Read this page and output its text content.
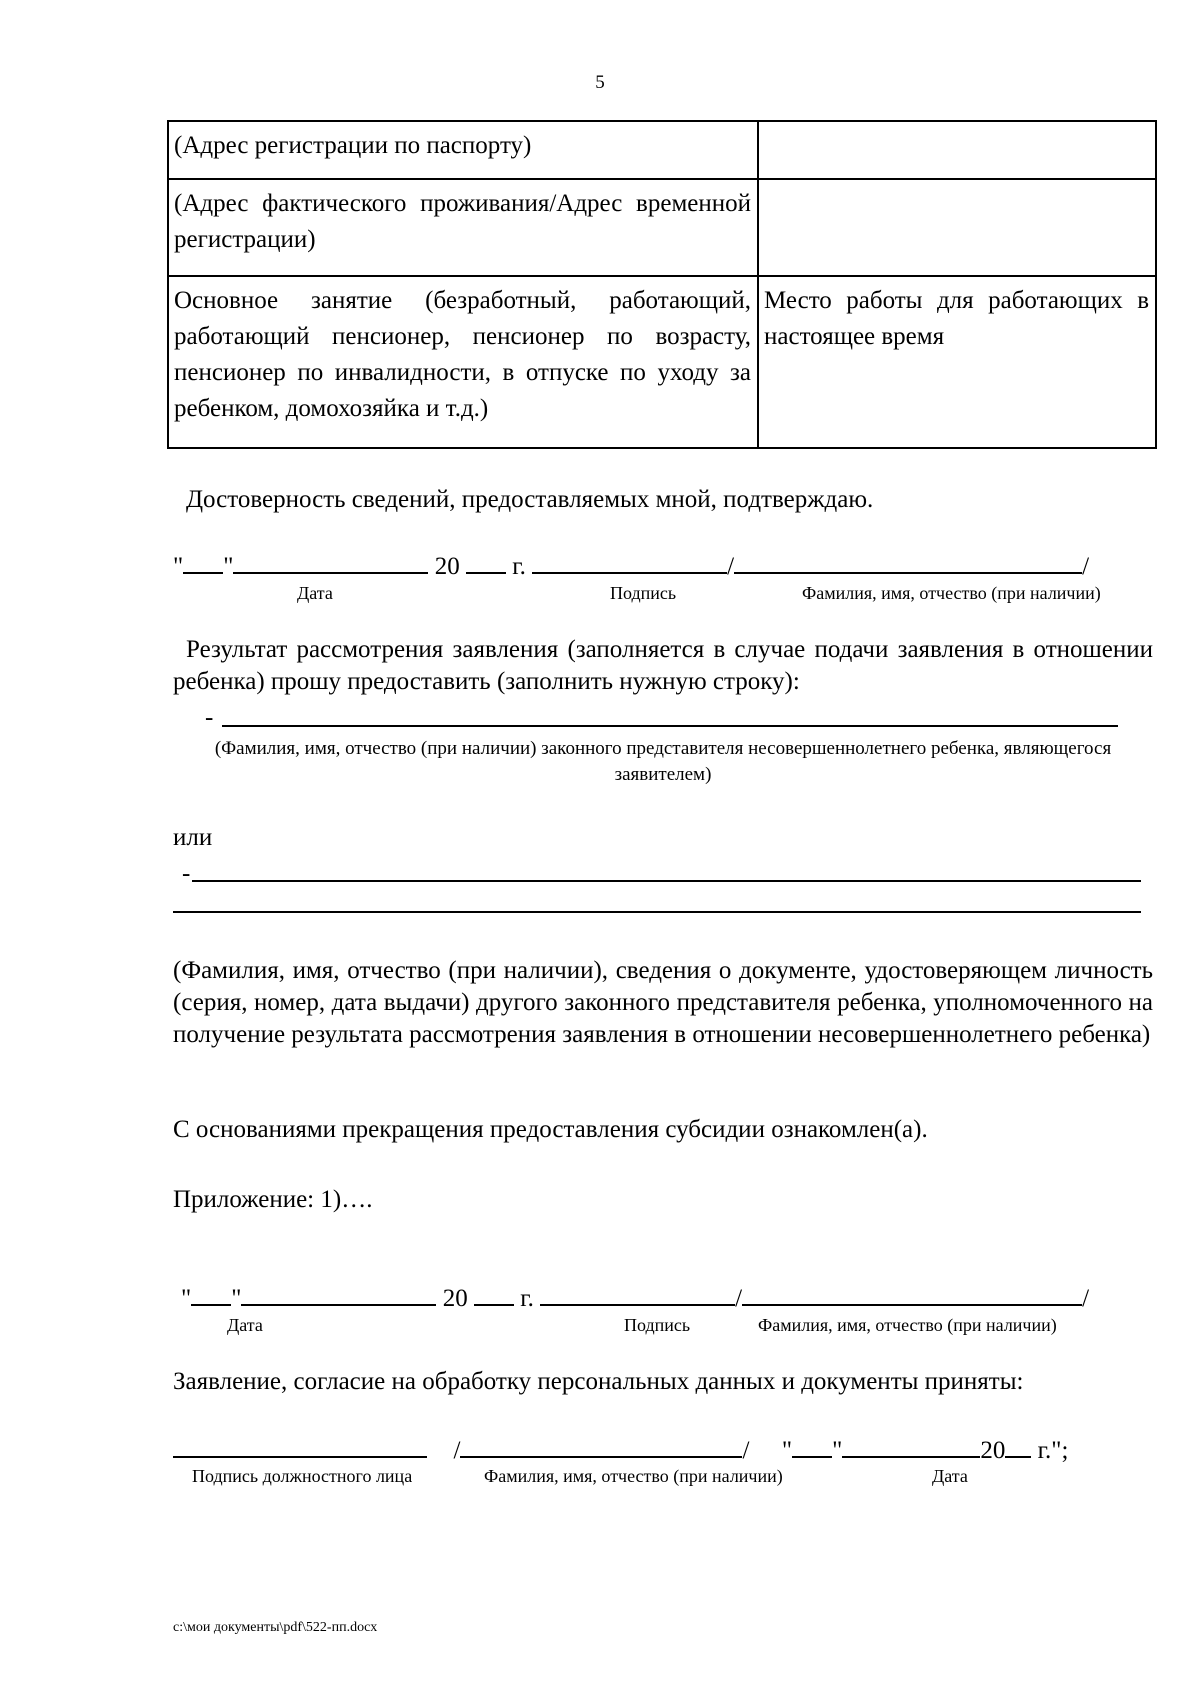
5
(Адрес регистрации по паспорту)	
(Адрес фактического проживания/Адрес временной регистрации)	
Основное занятие (безработный, работающий, работающий пенсионер, пенсионер по возрасту, пенсионер по инвалидности, в отпуске по уходу за ребенком, домохозяйка и т.д.)	Место работы для работающих в настоящее время
Достоверность сведений, предоставляемых мной, подтверждаю.
" "	20 г.	/	/
Дата	Подпись	Фамилия, имя, отчество (при наличии)
Результат рассмотрения заявления (заполняется в случае подачи заявления в отношении ребенка) прошу предоставить (заполнить нужную строку):
-
(Фамилия, имя, отчество (при наличии) законного представителя несовершеннолетнего ребенка, являющегося заявителем)
или
-
(Фамилия, имя, отчество (при наличии), сведения о документе, удостоверяющем личность (серия, номер, дата выдачи) другого законного представителя ребенка, уполномоченного на получение результата рассмотрения заявления в отношении несовершеннолетнего ребенка)
С основаниями прекращения предоставления субсидии ознакомлен(а).
Приложение: 1)….
" "	20 г.	/	/
Дата	Подпись	Фамилия, имя, отчество (при наличии)
Заявление, согласие на обработку персональных данных и документы приняты:
/	/ " "	20 г.";
Подпись должностного лица	Фамилия, имя, отчество (при наличии)	Дата
c:\мои документы\pdf\522-пп.docx
